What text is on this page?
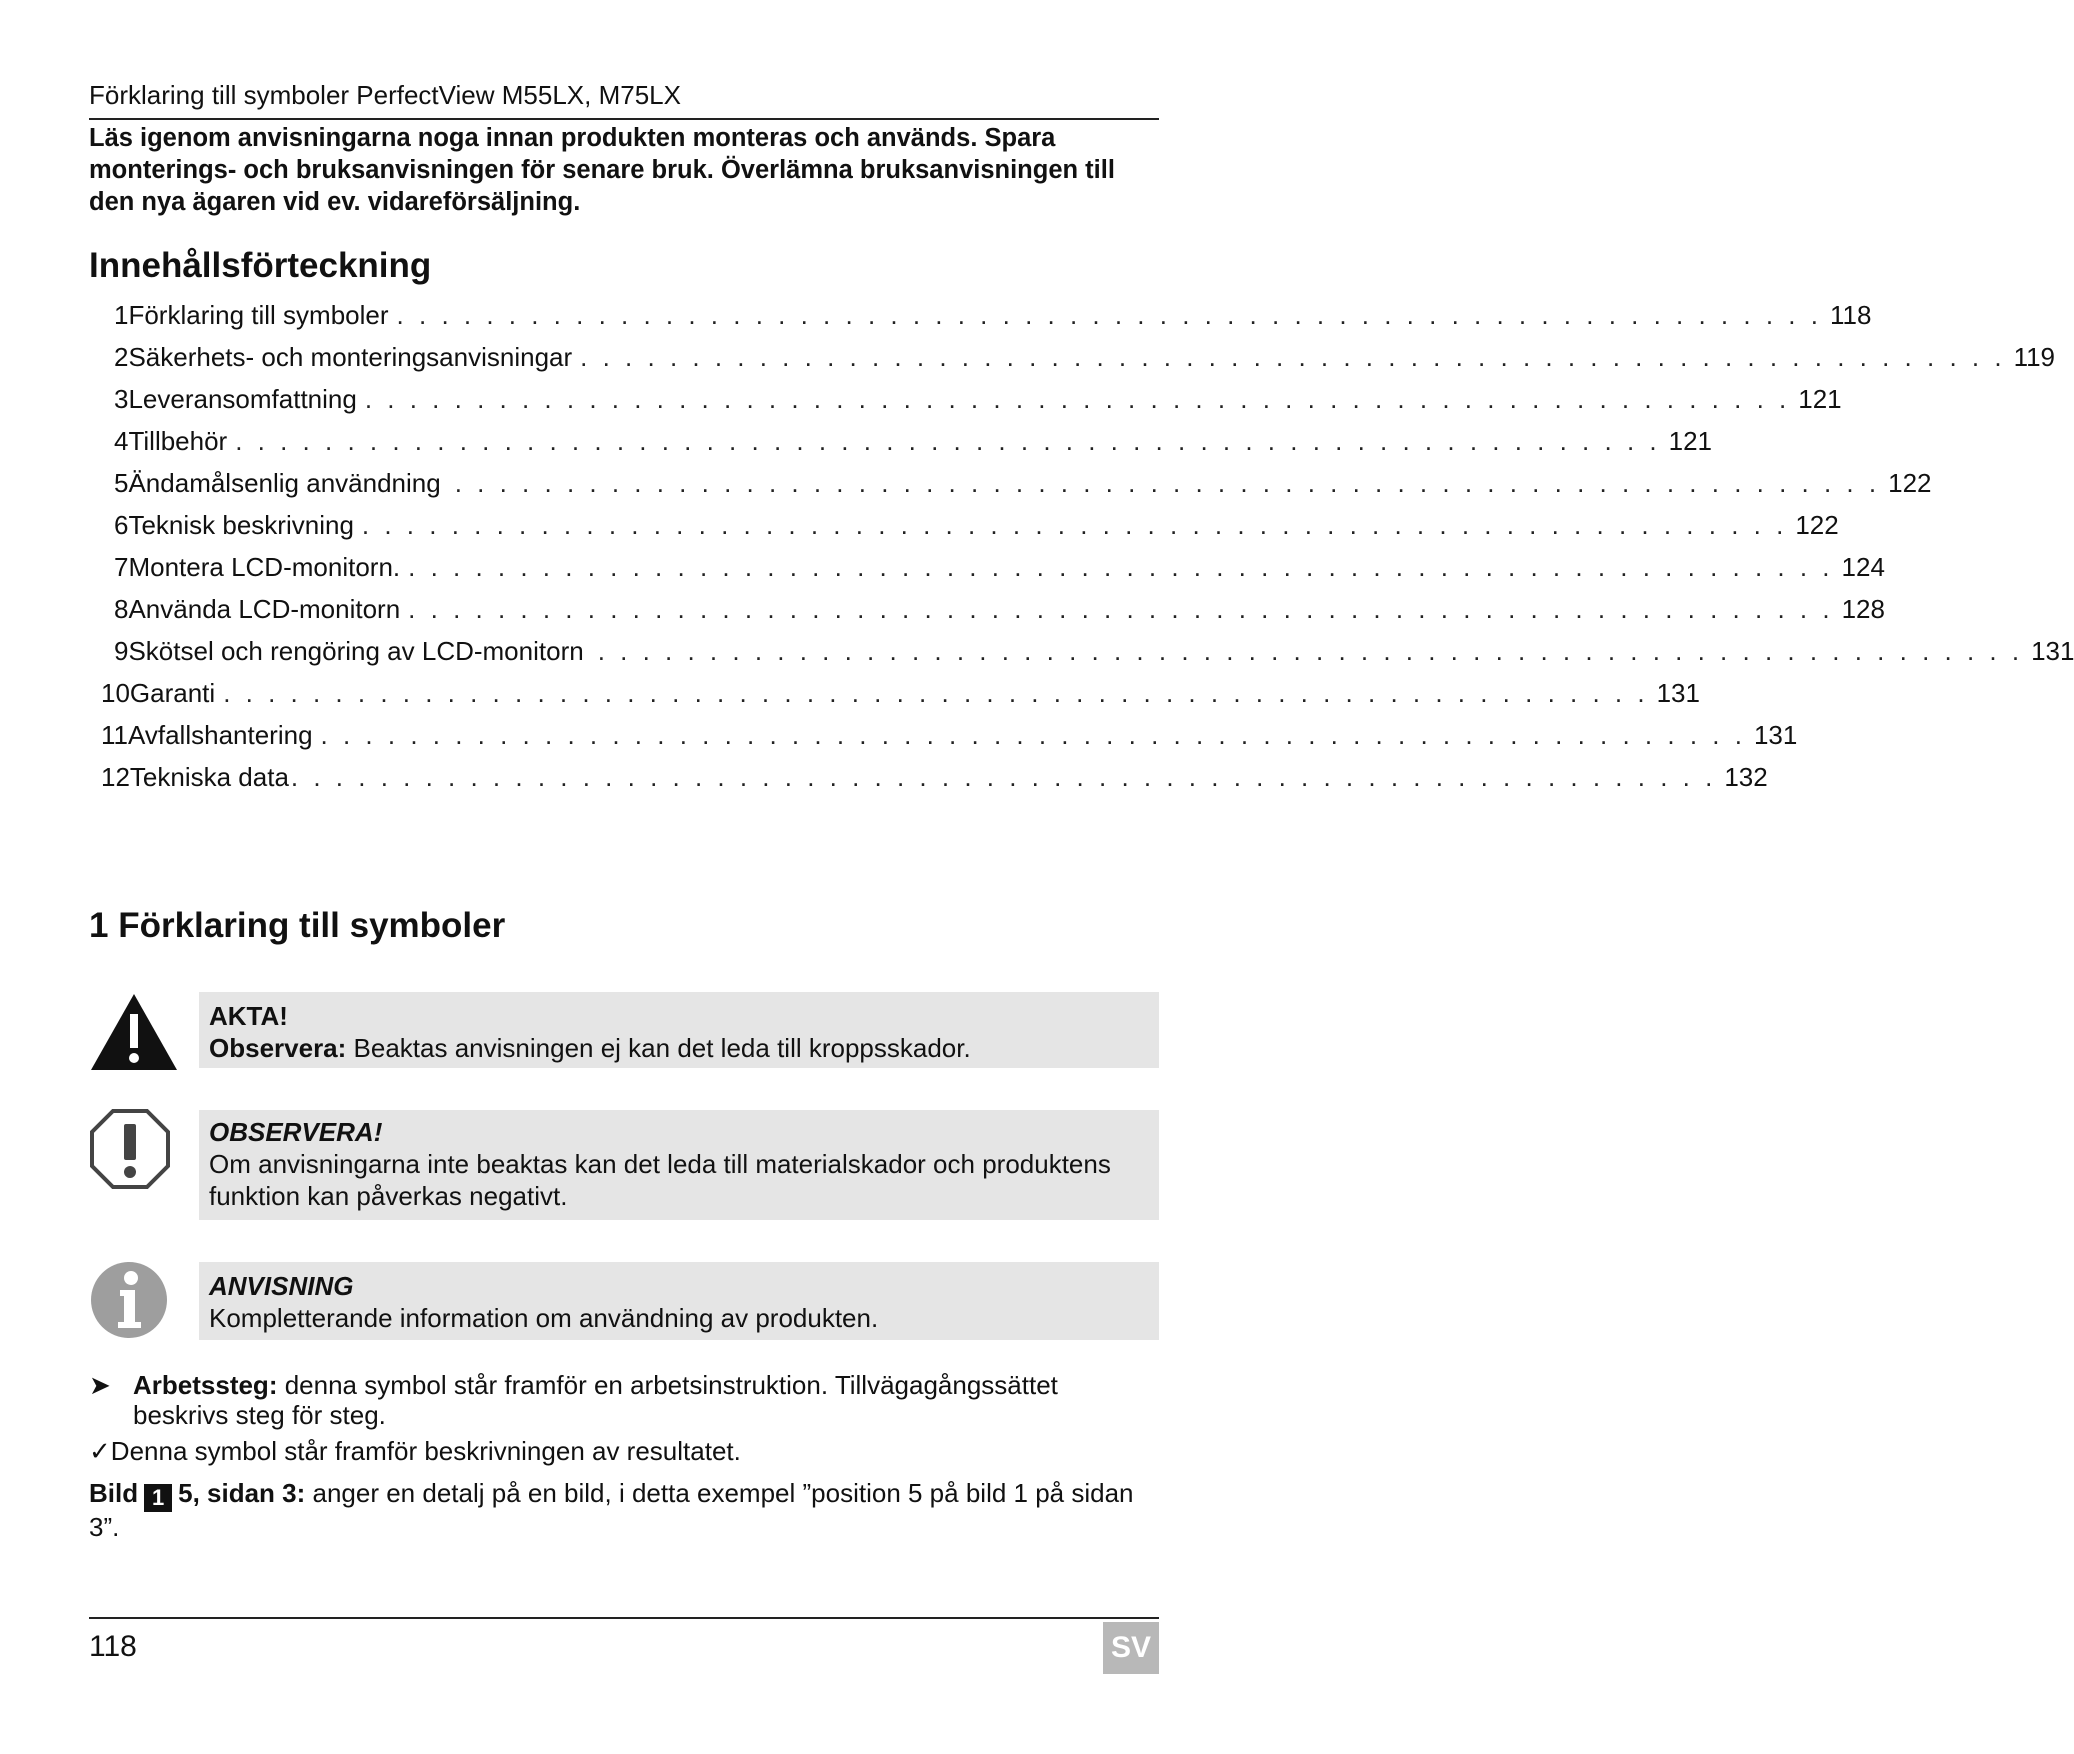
Förklaring till symboler PerfectView M55LX, M75LX
Läs igenom anvisningarna noga innan produkten monteras och används. Spara monterings- och bruksanvisningen för senare bruk. Överlämna bruksanvisningen till den nya ägaren vid ev. vidareförsäljning.
Innehållsförteckning
1 Förklaring till symboler . . . . . . . . . . . . . . . . . . . . . . . . . . . . . . . . . . . . . . . . . . . . . . . . . . . . . . . . . . . . . . . . 118
2 Säkerhets- och monteringsanvisningar . . . . . . . . . . . . . . . . . . . . . . . . . . . . . . . . . . . . . . . . . . . . . . . . . . . . . . . . . . . . . . . . 119
3 Leveransomfattning . . . . . . . . . . . . . . . . . . . . . . . . . . . . . . . . . . . . . . . . . . . . . . . . . . . . . . . . . . . . . . . . 121
4 Tillbehör . . . . . . . . . . . . . . . . . . . . . . . . . . . . . . . . . . . . . . . . . . . . . . . . . . . . . . . . . . . . . . . . 121
5 Ändamålsenlig användning . . . . . . . . . . . . . . . . . . . . . . . . . . . . . . . . . . . . . . . . . . . . . . . . . . . . . . . . . . . . . . . . 122
6 Teknisk beskrivning . . . . . . . . . . . . . . . . . . . . . . . . . . . . . . . . . . . . . . . . . . . . . . . . . . . . . . . . . . . . . . . . 122
7 Montera LCD-monitorn. . . . . . . . . . . . . . . . . . . . . . . . . . . . . . . . . . . . . . . . . . . . . . . . . . . . . . . . . . . . . . . . . 124
8 Använda LCD-monitorn . . . . . . . . . . . . . . . . . . . . . . . . . . . . . . . . . . . . . . . . . . . . . . . . . . . . . . . . . . . . . . . . 128
9 Skötsel och rengöring av LCD-monitorn . . . . . . . . . . . . . . . . . . . . . . . . . . . . . . . . . . . . . . . . . . . . . . . . . . . . . . . . . . . . . . . . 131
10 Garanti . . . . . . . . . . . . . . . . . . . . . . . . . . . . . . . . . . . . . . . . . . . . . . . . . . . . . . . . . . . . . . . . 131
11 Avfallshantering . . . . . . . . . . . . . . . . . . . . . . . . . . . . . . . . . . . . . . . . . . . . . . . . . . . . . . . . . . . . . . . . 131
12 Tekniska data . . . . . . . . . . . . . . . . . . . . . . . . . . . . . . . . . . . . . . . . . . . . . . . . . . . . . . . . . . . . . . . . 132
1 Förklaring till symboler
AKTA!
Observera: Beaktas anvisningen ej kan det leda till kroppsskador.
OBSERVERA!
Om anvisningarna inte beaktas kan det leda till materialskador och produktens funktion kan påverkas negativt.
ANVISNING
Kompletterande information om användning av produkten.
➤ Arbetssteg: denna symbol står framför en arbetsinstruktion. Tillvägagångssättet beskrivs steg för steg.
✓Denna symbol står framför beskrivningen av resultatet.
Bild 1 5, sidan 3: anger en detalj på en bild, i detta exempel ”position 5 på bild 1 på sidan 3”.
118	SV
